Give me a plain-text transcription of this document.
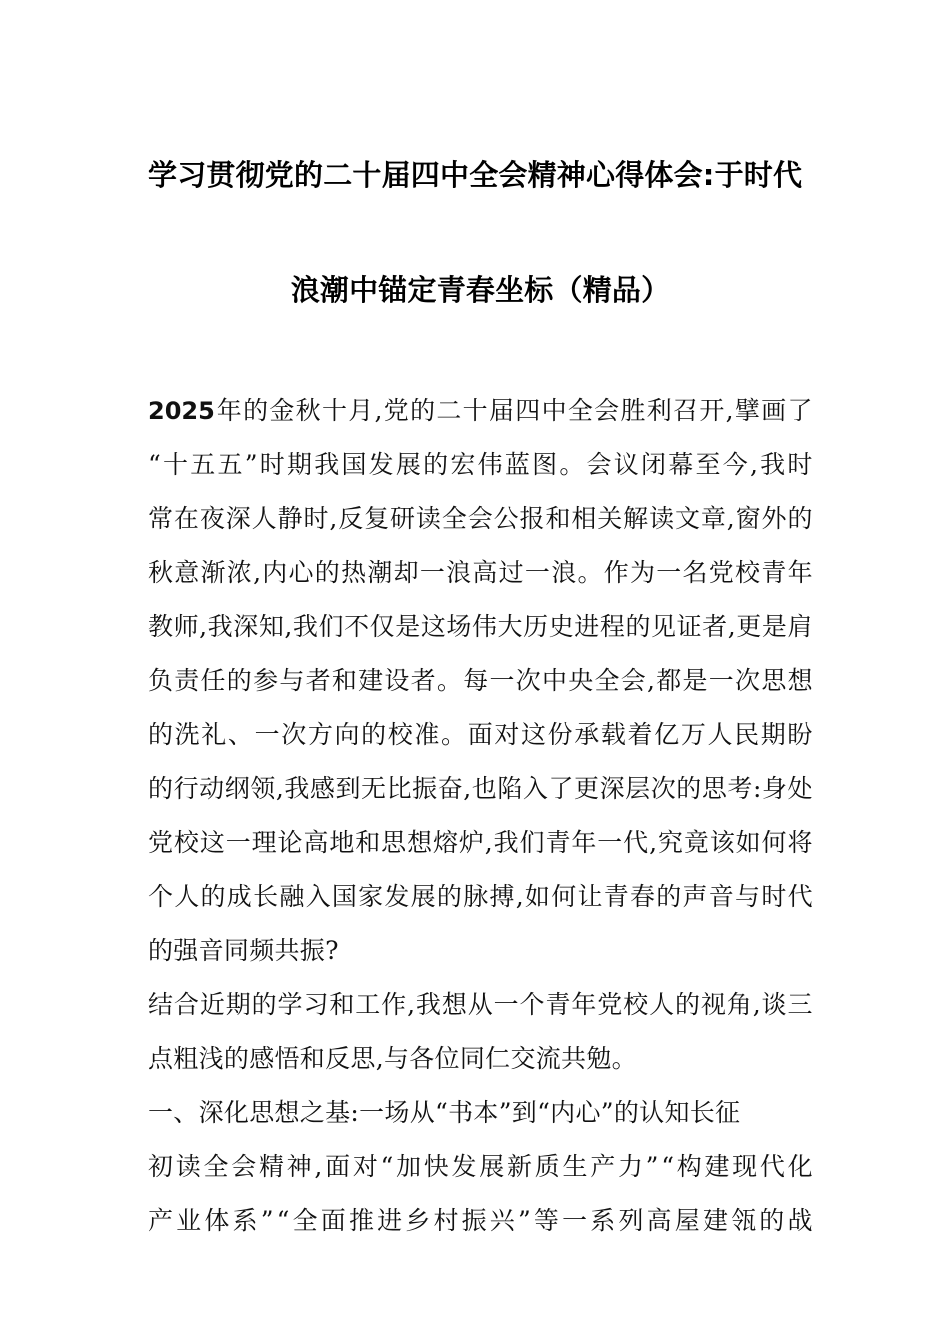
学习贯彻党的二十届四中全会精神心得体会:于时代
浪潮中锚定青春坐标（精品）
2025 年 的 金 秋 十 月 , 党 的 二 十 届 四 中 全 会 胜 利 召 开 , 擘 画 了
“ 十 五 五 ” 时 期 我 国 发 展 的 宏 伟 蓝 图 。 会 议 闭 幕 至 今 , 我 时
常 在 夜 深 人 静 时 , 反 复 研 读 全 会 公 报 和 相 关 解 读 文 章 , 窗 外 的
秋 意 渐 浓 , 内 心 的 热 潮 却 一 浪 高 过 一 浪 。 作 为 一 名 党 校 青 年
教 师 , 我 深 知 , 我 们 不 仅 是 这 场 伟 大 历 史 进 程 的 见 证 者 , 更 是 肩
负 责 任 的 参 与 者 和 建 设 者 。 每 一 次 中 央 全 会 , 都 是 一 次 思 想
的 洗 礼 、 一 次 方 向 的 校 准 。 面 对 这 份 承 载 着 亿 万 人 民 期 盼
的 行 动 纲 领 , 我 感 到 无 比 振 奋 , 也 陷 入 了 更 深 层 次 的 思 考 : 身 处
党 校 这 一 理 论 高 地 和 思 想 熔 炉 , 我 们 青 年 一 代 , 究 竟 该 如 何 将
个 人 的 成 长 融 入 国 家 发 展 的 脉 搏 , 如 何 让 青 春 的 声 音 与 时 代
的强音同频共振?
结 合 近 期 的 学 习 和 工 作 , 我 想 从 一 个 青 年 党 校 人 的 视 角 , 谈 三
点粗浅的感悟和反思,与各位同仁交流共勉。
一、深化思想之基:一场从“书本”到“内心”的认知长征
初 读 全 会 精 神 , 面 对 “ 加 快 发 展 新 质 生 产 力 ” “ 构 建 现 代 化
产 业 体 系 ” “ 全 面 推 进 乡 村 振 兴 ” 等 一 系 列 高 屋 建 瓴 的 战
